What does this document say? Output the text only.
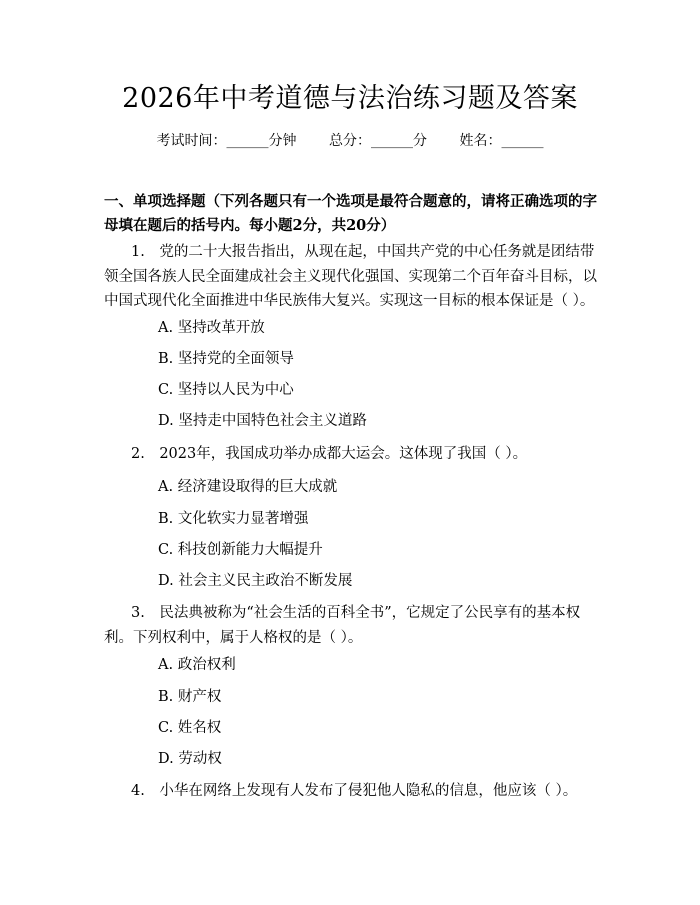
2026年中考道德与法治练习题及答案
考试时间：______分钟 总分：______分 姓名：______
一、单项选择题（下列各题只有一个选项是最符合题意的，请将正确选项的字母填在题后的括号内。每小题2分，共20分）
1.　党的二十大报告指出，从现在起，中国共产党的中心任务就是团结带领全国各族人民全面建成社会主义现代化强国、实现第二个百年奋斗目标，以中国式现代化全面推进中华民族伟大复兴。实现这一目标的根本保证是（ ）。
A. 坚持改革开放
B. 坚持党的全面领导
C. 坚持以人民为中心
D. 坚持走中国特色社会主义道路
2.　2023年，我国成功举办成都大运会。这体现了我国（ ）。
A. 经济建设取得的巨大成就
B. 文化软实力显著增强
C. 科技创新能力大幅提升
D. 社会主义民主政治不断发展
3.　民法典被称为“社会生活的百科全书”，它规定了公民享有的基本权利。下列权利中，属于人格权的是（ ）。
A. 政治权利
B. 财产权
C. 姓名权
D. 劳动权
4.　小华在网络上发现有人发布了侵犯他人隐私的信息，他应该（ ）。
